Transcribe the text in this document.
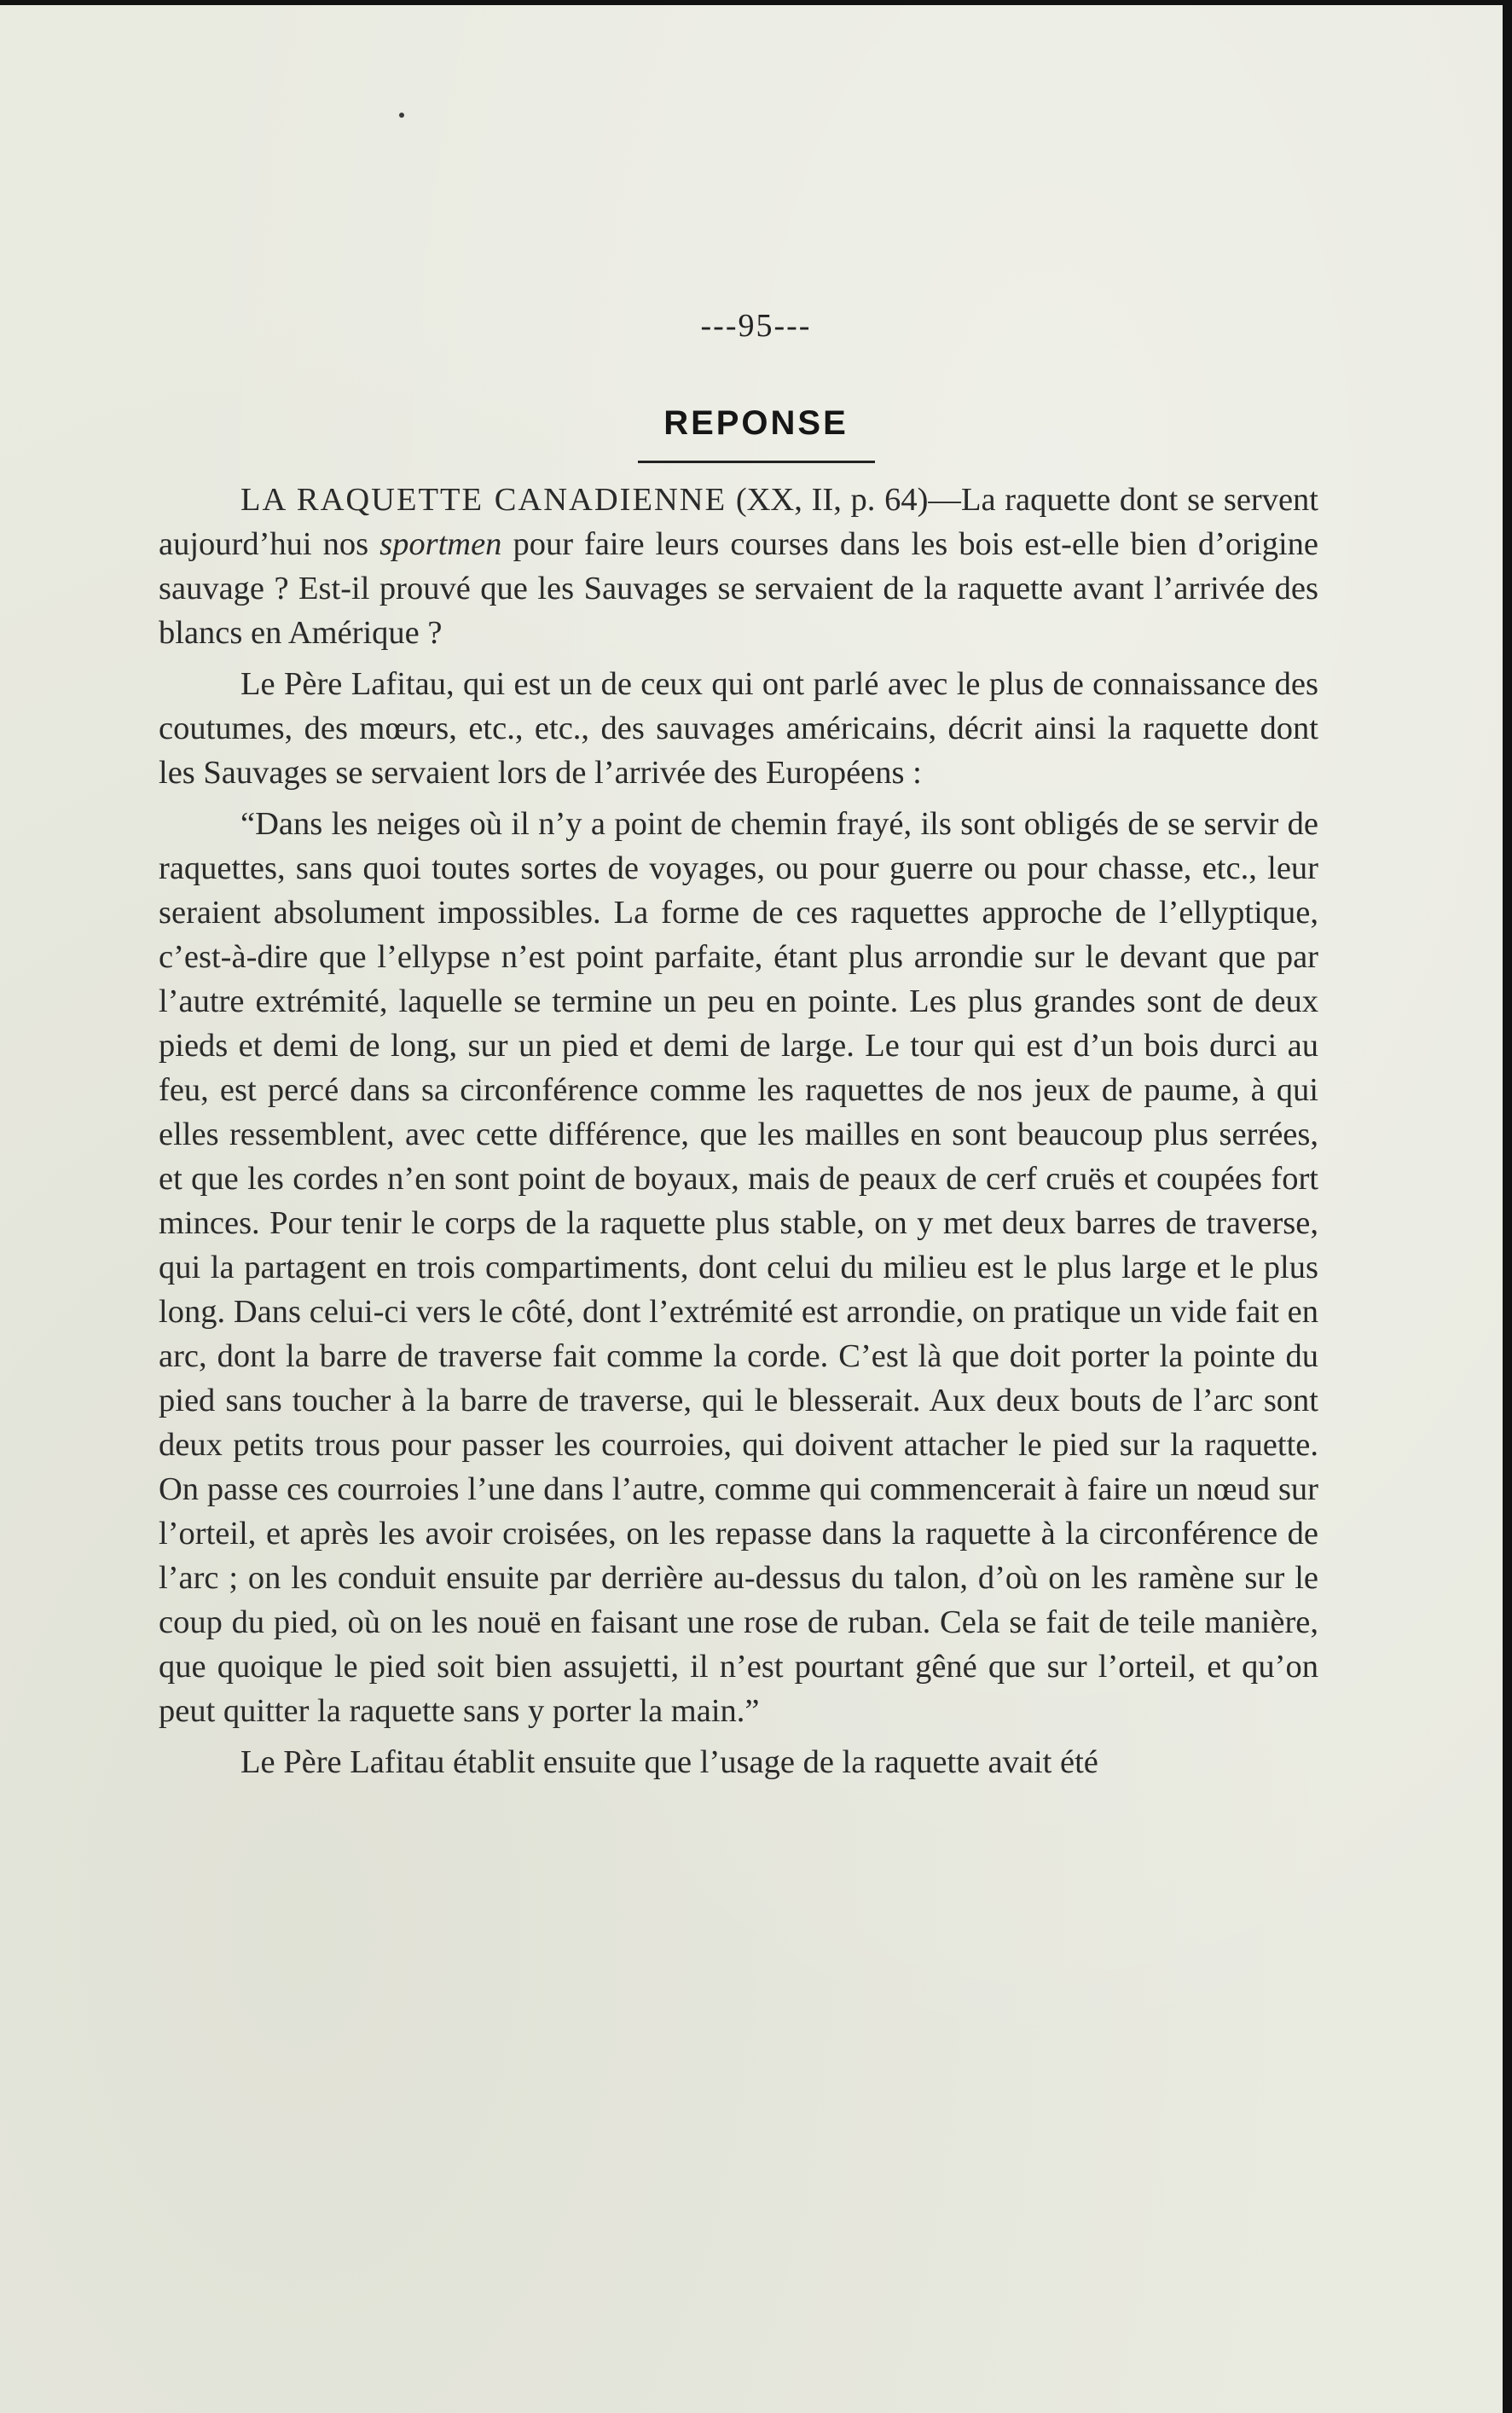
---95---
REPONSE

LA RAQUETTE CANADIENNE (XX, II, p. 64)—La raquette dont se servent aujourd’hui nos sportmen pour faire leurs courses dans les bois est-elle bien d’origine sauvage ? Est-il prouvé que les Sauvages se servaient de la raquette avant l’arrivée des blancs en Amérique ?

Le Père Lafitau, qui est un de ceux qui ont parlé avec le plus de connaissance des coutumes, des mœurs, etc., etc., des sauvages américains, décrit ainsi la raquette dont les Sauvages se servaient lors de l’arrivée des Européens :

“Dans les neiges où il n’y a point de chemin frayé, ils sont obligés de se servir de raquettes, sans quoi toutes sortes de voyages, ou pour guerre ou pour chasse, etc., leur seraient absolument impossibles. La forme de ces raquettes approche de l’ellyptique, c’est-à-dire que l’ellypse n’est point parfaite, étant plus arrondie sur le devant que par l’autre extrémité, laquelle se termine un peu en pointe. Les plus grandes sont de deux pieds et demi de long, sur un pied et demi de large. Le tour qui est d’un bois durci au feu, est percé dans sa circonférence comme les raquettes de nos jeux de paume, à qui elles ressemblent, avec cette différence, que les mailles en sont beaucoup plus serrées, et que les cordes n’en sont point de boyaux, mais de peaux de cerf cruës et coupées fort minces. Pour tenir le corps de la raquette plus stable, on y met deux barres de traverse, qui la partagent en trois compartiments, dont celui du milieu est le plus large et le plus long. Dans celui-ci vers le côté, dont l’extrémité est arrondie, on pratique un vide fait en arc, dont la barre de traverse fait comme la corde. C’est là que doit porter la pointe du pied sans toucher à la barre de traverse, qui le blesserait. Aux deux bouts de l’arc sont deux petits trous pour passer les courroies, qui doivent attacher le pied sur la raquette. On passe ces courroies l’une dans l’autre, comme qui commencerait à faire un nœud sur l’orteil, et après les avoir croisées, on les repasse dans la raquette à la circonférence de l’arc ; on les conduit ensuite par derrière au-dessus du talon, d’où on les ramène sur le coup du pied, où on les nouë en faisant une rose de ruban. Cela se fait de teile manière, que quoique le pied soit bien assujetti, il n’est pourtant gêné que sur l’orteil, et qu’on peut quitter la raquette sans y porter la main.”

Le Père Lafitau établit ensuite que l’usage de la raquette avait été
